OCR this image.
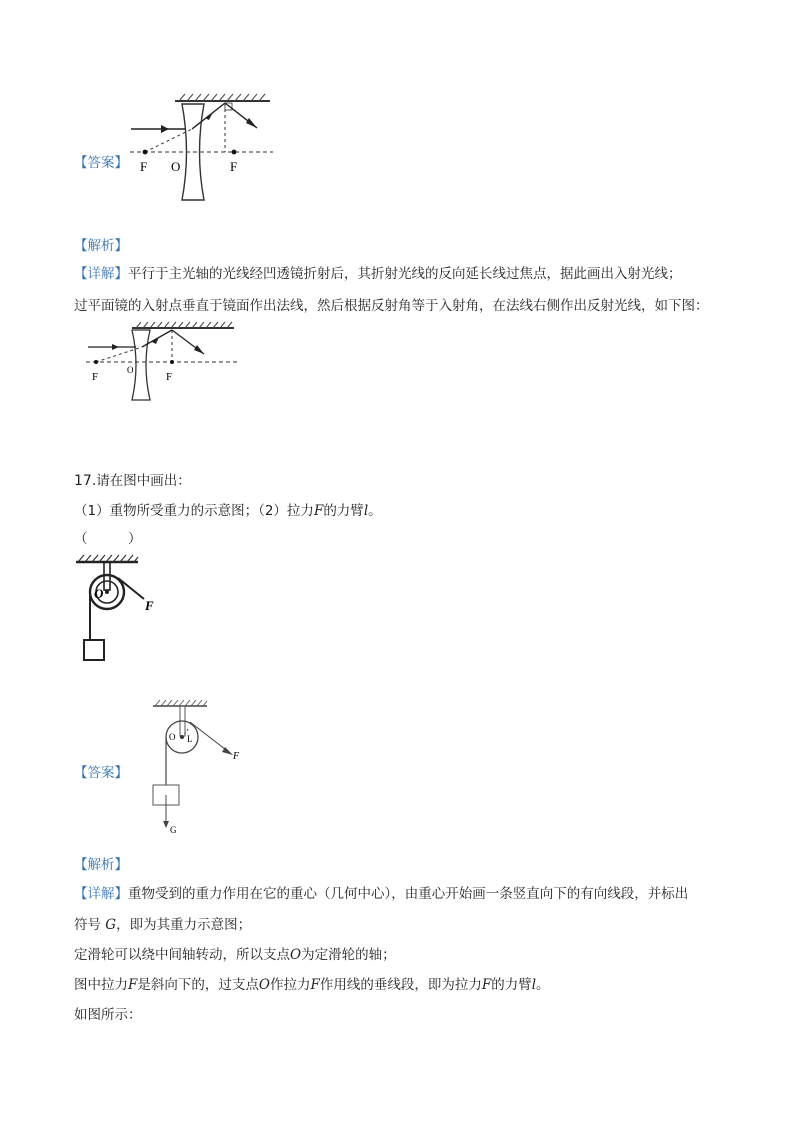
【答案】 F O	F
【解析】
【详解】平行于主光轴的光线经凹透镜折射后，其折射光线的反向延长线过焦点，据此画出入射光线；
过平面镜的入射点垂直于镜面作出法线，然后根据反射角等于入射角，在法线右侧作出反射光线，如下图：
F
O
F
17.请在图中画出：
（1）重物所受重力的示意图；（2）拉力F的力臂l。
（　　　）
O
F
【答案】
O L
F
G
【解析】
【详解】重物受到的重力作用在它的重心（几何中心），由重心开始画一条竖直向下的有向线段，并标出
符号 G，即为其重力示意图；
定滑轮可以绕中间轴转动，所以支点O为定滑轮的轴；
图中拉力F是斜向下的，过支点O作拉力F作用线的垂线段，即为拉力F的力臂l。
如图所示：
